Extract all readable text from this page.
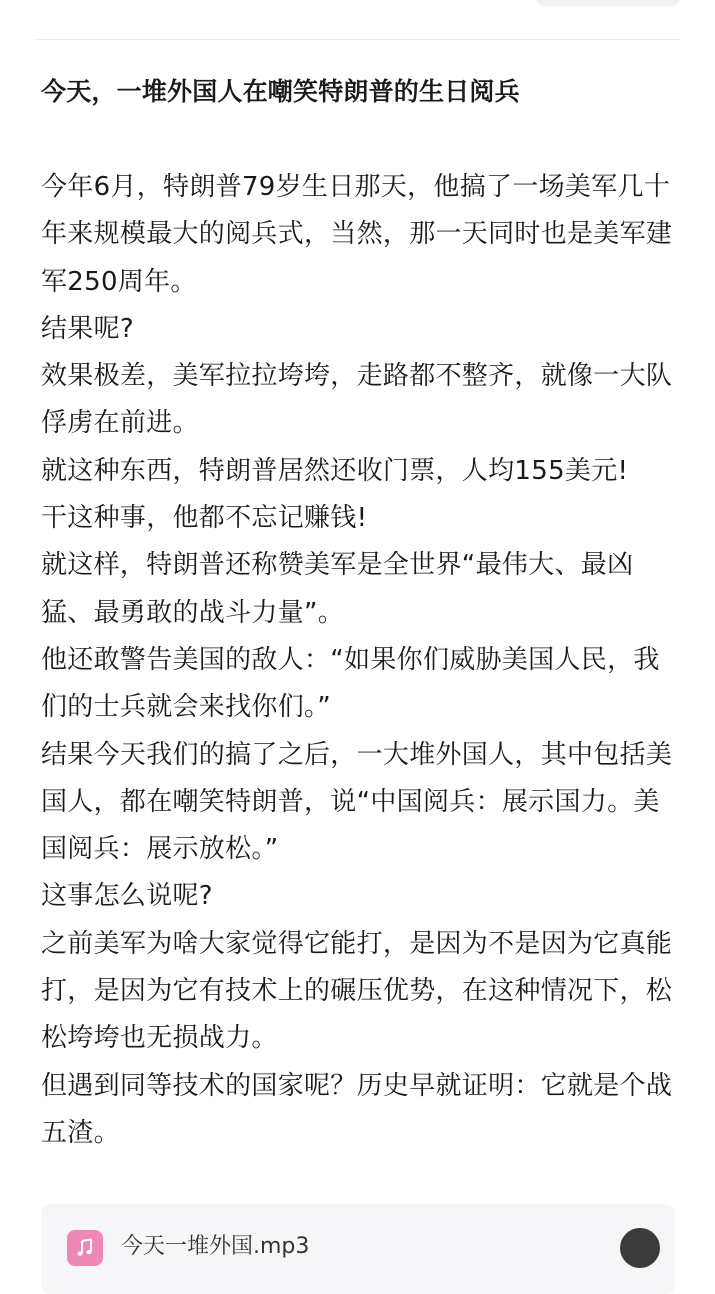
今天，一堆外国人在嘲笑特朗普的生日阅兵

今年6月，特朗普79岁生日那天，他搞了一场美军几十年来规模最大的阅兵式，当然，那一天同时也是美军建军250周年。

结果呢?

效果极差，美军拉拉垮垮，走路都不整齐，就像一大队俘虏在前进。

就这种东西，特朗普居然还收门票，人均155美元!

干这种事，他都不忘记赚钱!

就这样，特朗普还称赞美军是全世界“最伟大、最凶猛、最勇敢的战斗力量”。

他还敢警告美国的敌人：“如果你们威胁美国人民，我们的士兵就会来找你们。”

结果今天我们的搞了之后，一大堆外国人，其中包括美国人，都在嘲笑特朗普，说“中国阅兵：展示国力。美国阅兵：展示放松。”

这事怎么说呢?

之前美军为啥大家觉得它能打，是因为不是因为它真能打，是因为它有技术上的碾压优势，在这种情况下，松松垮垮也无损战力。

但遇到同等技术的国家呢？历史早就证明：它就是个战五渣。

今天一堆外国.mp3
